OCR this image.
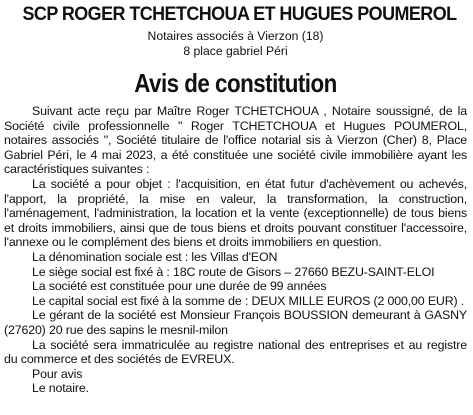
SCP ROGER TCHETCHOUA ET HUGUES POUMEROL
Notaires associés à Vierzon (18)
8 place gabriel Péri
Avis de constitution

Suivant acte reçu par Maître Roger TCHETCHOUA , Notaire soussigné, de la Société civile professionnelle " Roger TCHETCHOUA et Hugues POUMEROL, notaires associés ", Société titulaire de l'office notarial sis à Vierzon (Cher) 8, Place Gabriel Péri, le 4 mai 2023, a été constituée une société civile immobilière ayant les caractéristiques suivantes :

La société a pour objet : l'acquisition, en état futur d'achèvement ou achevés, l'apport, la propriété, la mise en valeur, la transformation, la construction, l'aménagement, l'administration, la location et la vente (exceptionnelle) de tous biens et droits immobiliers, ainsi que de tous biens et droits pouvant constituer l'accessoire, l'annexe ou le complément des biens et droits immobiliers en question.

La dénomination sociale est : les Villas d'EON

Le siège social est fixé à : 18C route de Gisors – 27660 BEZU-SAINT-ELOI

La société est constituée pour une durée de 99 années

Le capital social est fixé à la somme de : DEUX MILLE EUROS (2 000,00 EUR) .

Le gérant de la société est Monsieur François BOUSSION demeurant à GASNY (27620) 20 rue des sapins le mesnil-milon

La société sera immatriculée au registre national des entreprises et au registre du commerce et des sociétés de EVREUX.

Pour avis

Le notaire.
